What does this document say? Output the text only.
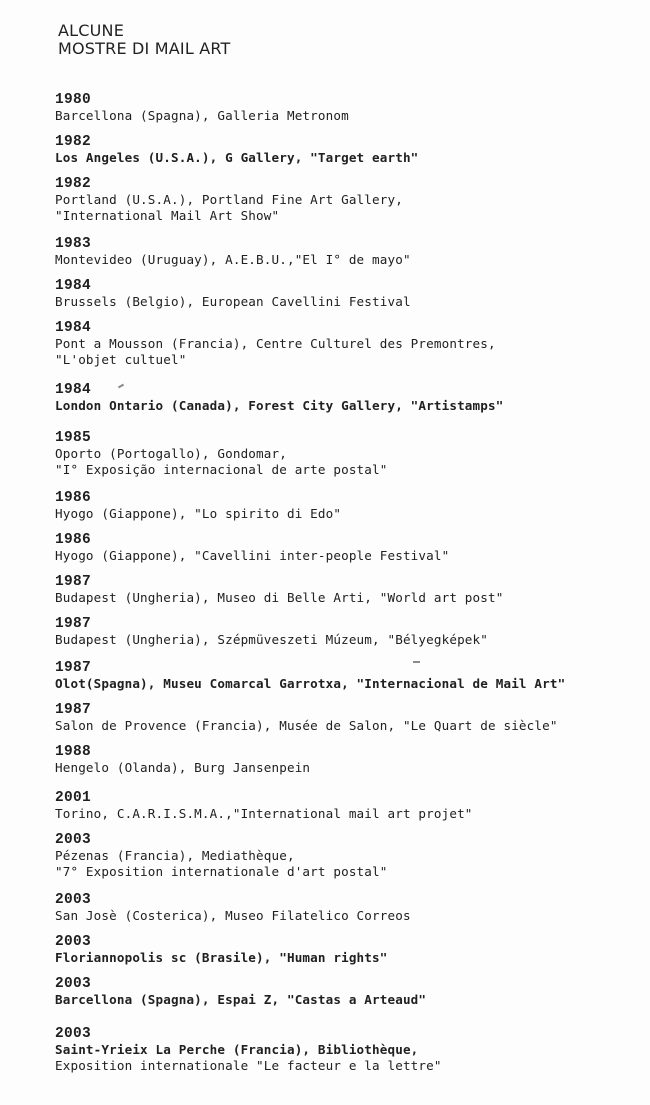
ALCUNE
MOSTRE DI MAIL ART
1980
Barcellona (Spagna), Galleria Metronom
1982
Los Angeles (U.S.A.), G Gallery, "Target earth"
1982
Portland (U.S.A.), Portland Fine Art Gallery,
"International Mail Art Show"
1983
Montevideo (Uruguay), A.E.B.U.,"El I° de mayo"
1984
Brussels (Belgio), European Cavellini Festival
1984
Pont a Mousson (Francia), Centre Culturel des Premontres,
"L'objet cultuel"
1984
London Ontario (Canada), Forest City Gallery, "Artistamps"
1985
Oporto (Portogallo), Gondomar,
"I° Exposição internacional de arte postal"
1986
Hyogo (Giappone), "Lo spirito di Edo"
1986
Hyogo (Giappone), "Cavellini inter-people Festival"
1987
Budapest (Ungheria), Museo di Belle Arti, "World art post"
1987
Budapest (Ungheria), Szépmüveszeti Múzeum, "Bélyegképek"
1987
Olot(Spagna), Museu Comarcal Garrotxa, "Internacional de Mail Art"
1987
Salon de Provence (Francia), Musée de Salon, "Le Quart de siècle"
1988
Hengelo (Olanda), Burg Jansenpein
2001
Torino, C.A.R.I.S.M.A.,"International mail art projet"
2003
Pézenas (Francia), Mediathèque,
"7° Exposition internationale d'art postal"
2003
San Josè (Costerica), Museo Filatelico Correos
2003
Floriannopolis sc (Brasile), "Human rights"
2003
Barcellona (Spagna), Espai Z, "Castas a Arteaud"
2003
Saint-Yrieix La Perche (Francia), Bibliothèque,
Exposition internationale "Le facteur e la lettre"
